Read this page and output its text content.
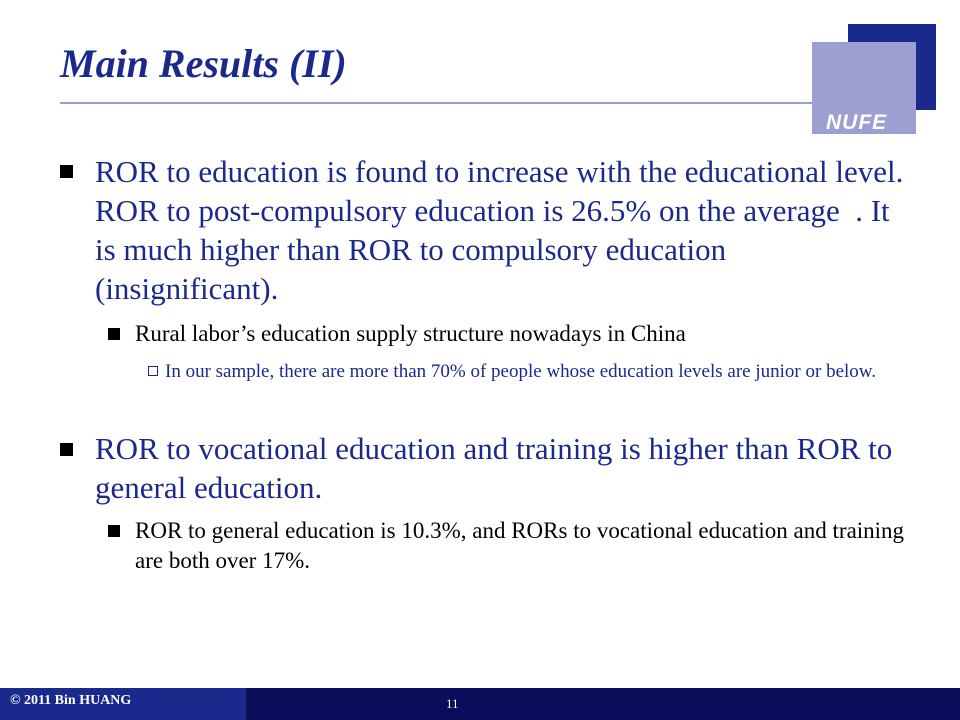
NUFE
Main Results (II)

ROR to education is found to increase with the educational level. ROR to post-compulsory education is 26.5% on the average  . It is much higher than ROR to compulsory education (insignificant).

Rural labor’s education supply structure nowadays in China

In our sample, there are more than 70% of people whose education levels are junior or below.

ROR to vocational education and training is higher than ROR to general education.

ROR to general education is 10.3%, and RORs to vocational education and training are both over 17%.

© 2011 Bin HUANG	11
